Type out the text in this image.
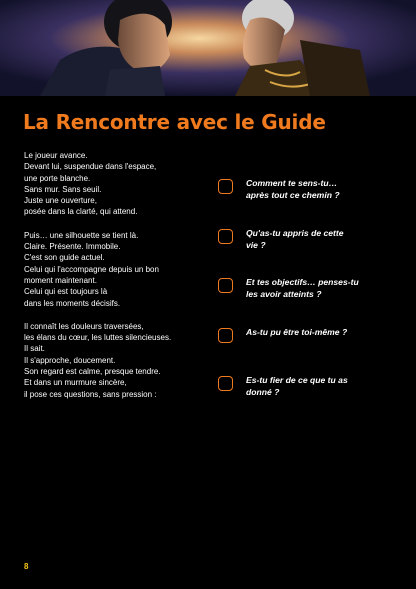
La Rencontre avec le Guide
Le joueur avance.
Devant lui, suspendue dans l'espace,
une porte blanche.
Sans mur. Sans seuil.
Juste une ouverture,
posée dans la clarté, qui attend.
Puis… une silhouette se tient là.
Claire. Présente. Immobile.
C'est son guide actuel.
Celui qui l'accompagne depuis un bon
moment maintenant.
Celui qui est toujours là
dans les moments décisifs.
Il connaît les douleurs traversées,
les élans du cœur, les luttes silencieuses.
Il sait.
Il s'approche, doucement.
Son regard est calme, presque tendre.
Et dans un murmure sincère,
il pose ces questions, sans pression :
Comment te sens-tu…
après tout ce chemin ?
Qu'as-tu appris de cette
vie ?
Et tes objectifs… penses-tu
les avoir atteints ?
As-tu pu être toi-même ?
Es-tu fier de ce que tu as
donné ?
8
